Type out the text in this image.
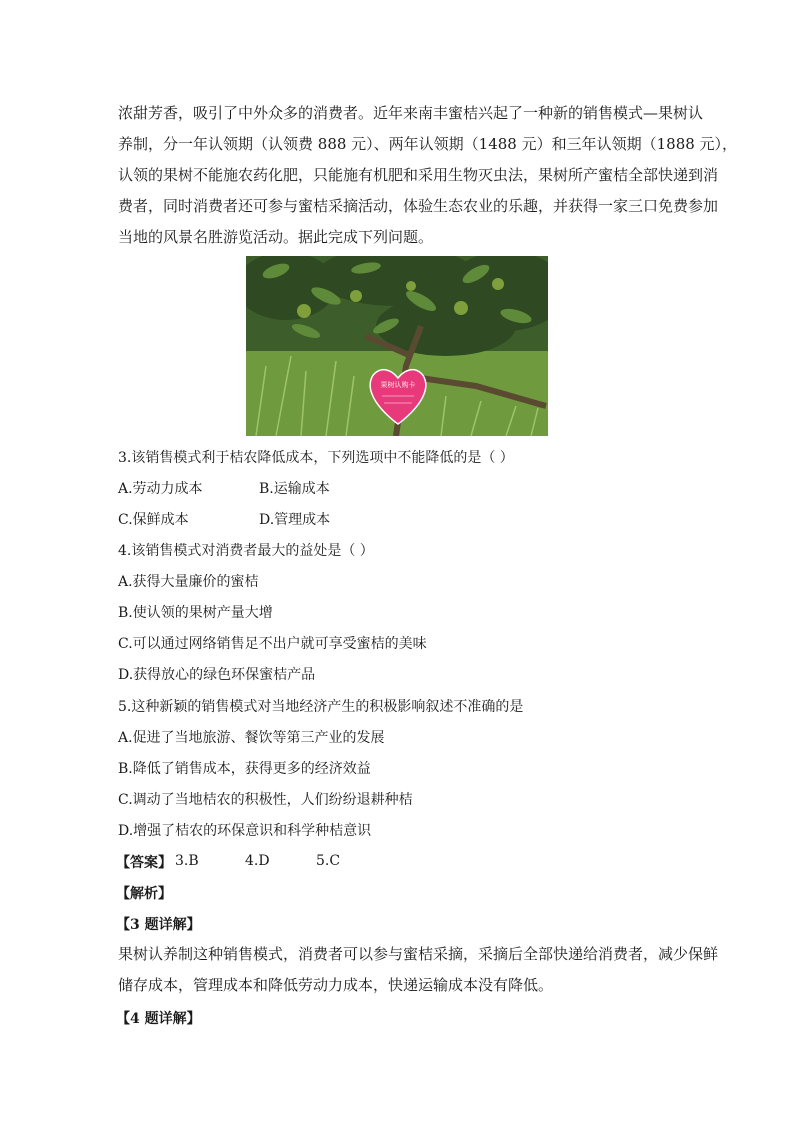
浓甜芳香，吸引了中外众多的消费者。近年来南丰蜜桔兴起了一种新的销售模式—果树认
养制，分一年认领期（认领费 888 元）、两年认领期（1488 元）和三年认领期（1888 元），
认领的果树不能施农药化肥，只能施有机肥和采用生物灭虫法，果树所产蜜桔全部快递到消
费者，同时消费者还可参与蜜桔采摘活动，体验生态农业的乐趣，并获得一家三口免费参加
当地的风景名胜游览活动。据此完成下列问题。
果树认购卡
3.该销售模式利于桔农降低成本，下列选项中不能降低的是（ ）
A.劳动力成本	B.运输成本
C.保鲜成本	D.管理成本
4.该销售模式对消费者最大的益处是（ ）
A.获得大量廉价的蜜桔
B.使认领的果树产量大增
C.可以通过网络销售足不出户就可享受蜜桔的美味
D.获得放心的绿色环保蜜桔产品
5.这种新颖的销售模式对当地经济产生的积极影响叙述不准确的是
A.促进了当地旅游、餐饮等第三产业的发展
B.降低了销售成本，获得更多的经济效益
C.调动了当地桔农的积极性，人们纷纷退耕种桔
D.增强了桔农的环保意识和科学种桔意识
【答案】 3.B	4.D	5.C
【解析】
【3 题详解】
果树认养制这种销售模式，消费者可以参与蜜桔采摘，采摘后全部快递给消费者，减少保鲜
储存成本，管理成本和降低劳动力成本，快递运输成本没有降低。
【4 题详解】
